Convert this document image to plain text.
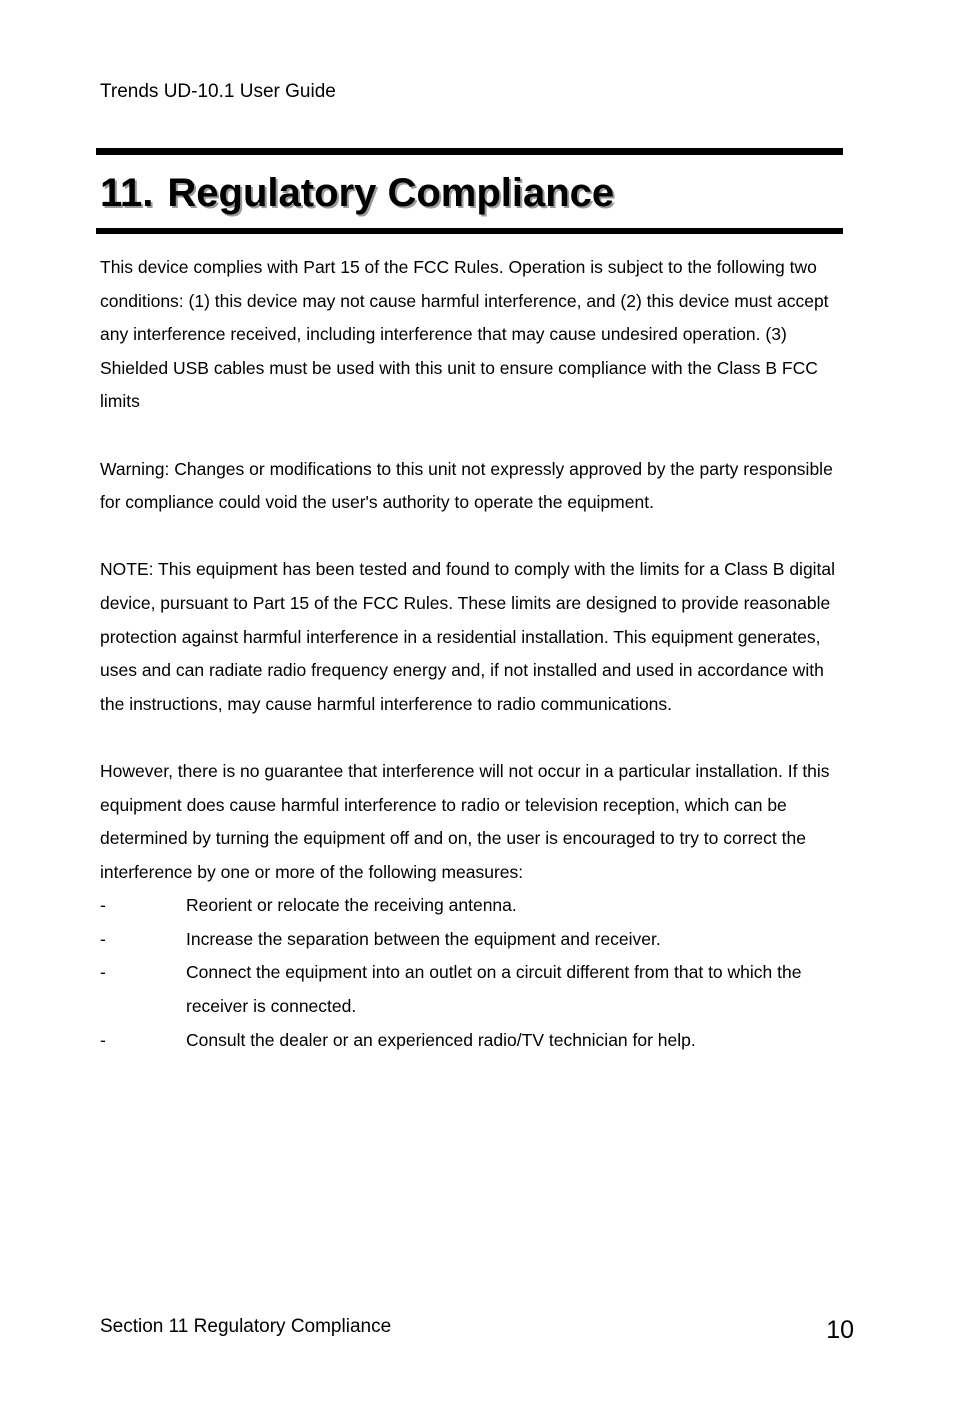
Trends UD-10.1 User Guide
11. Regulatory Compliance

This device complies with Part 15 of the FCC Rules. Operation is subject to the following two conditions: (1) this device may not cause harmful interference, and (2) this device must accept any interference received, including interference that may cause undesired operation. (3) Shielded USB cables must be used with this unit to ensure compliance with the Class B FCC limits

Warning: Changes or modifications to this unit not expressly approved by the party responsible for compliance could void the user's authority to operate the equipment.

NOTE: This equipment has been tested and found to comply with the limits for a Class B digital device, pursuant to Part 15 of the FCC Rules. These limits are designed to provide reasonable protection against harmful interference in a residential installation. This equipment generates, uses and can radiate radio frequency energy and, if not installed and used in accordance with the instructions, may cause harmful interference to radio communications.

However, there is no guarantee that interference will not occur in a particular installation. If this equipment does cause harmful interference to radio or television reception, which can be determined by turning the equipment off and on, the user is encouraged to try to correct the interference by one or more of the following measures:

-	Reorient or relocate the receiving antenna.
-	Increase the separation between the equipment and receiver.
-	Connect the equipment into an outlet on a circuit different from that to which the receiver is connected.
-	Consult the dealer or an experienced radio/TV technician for help.
Section 11 Regulatory Compliance	10
